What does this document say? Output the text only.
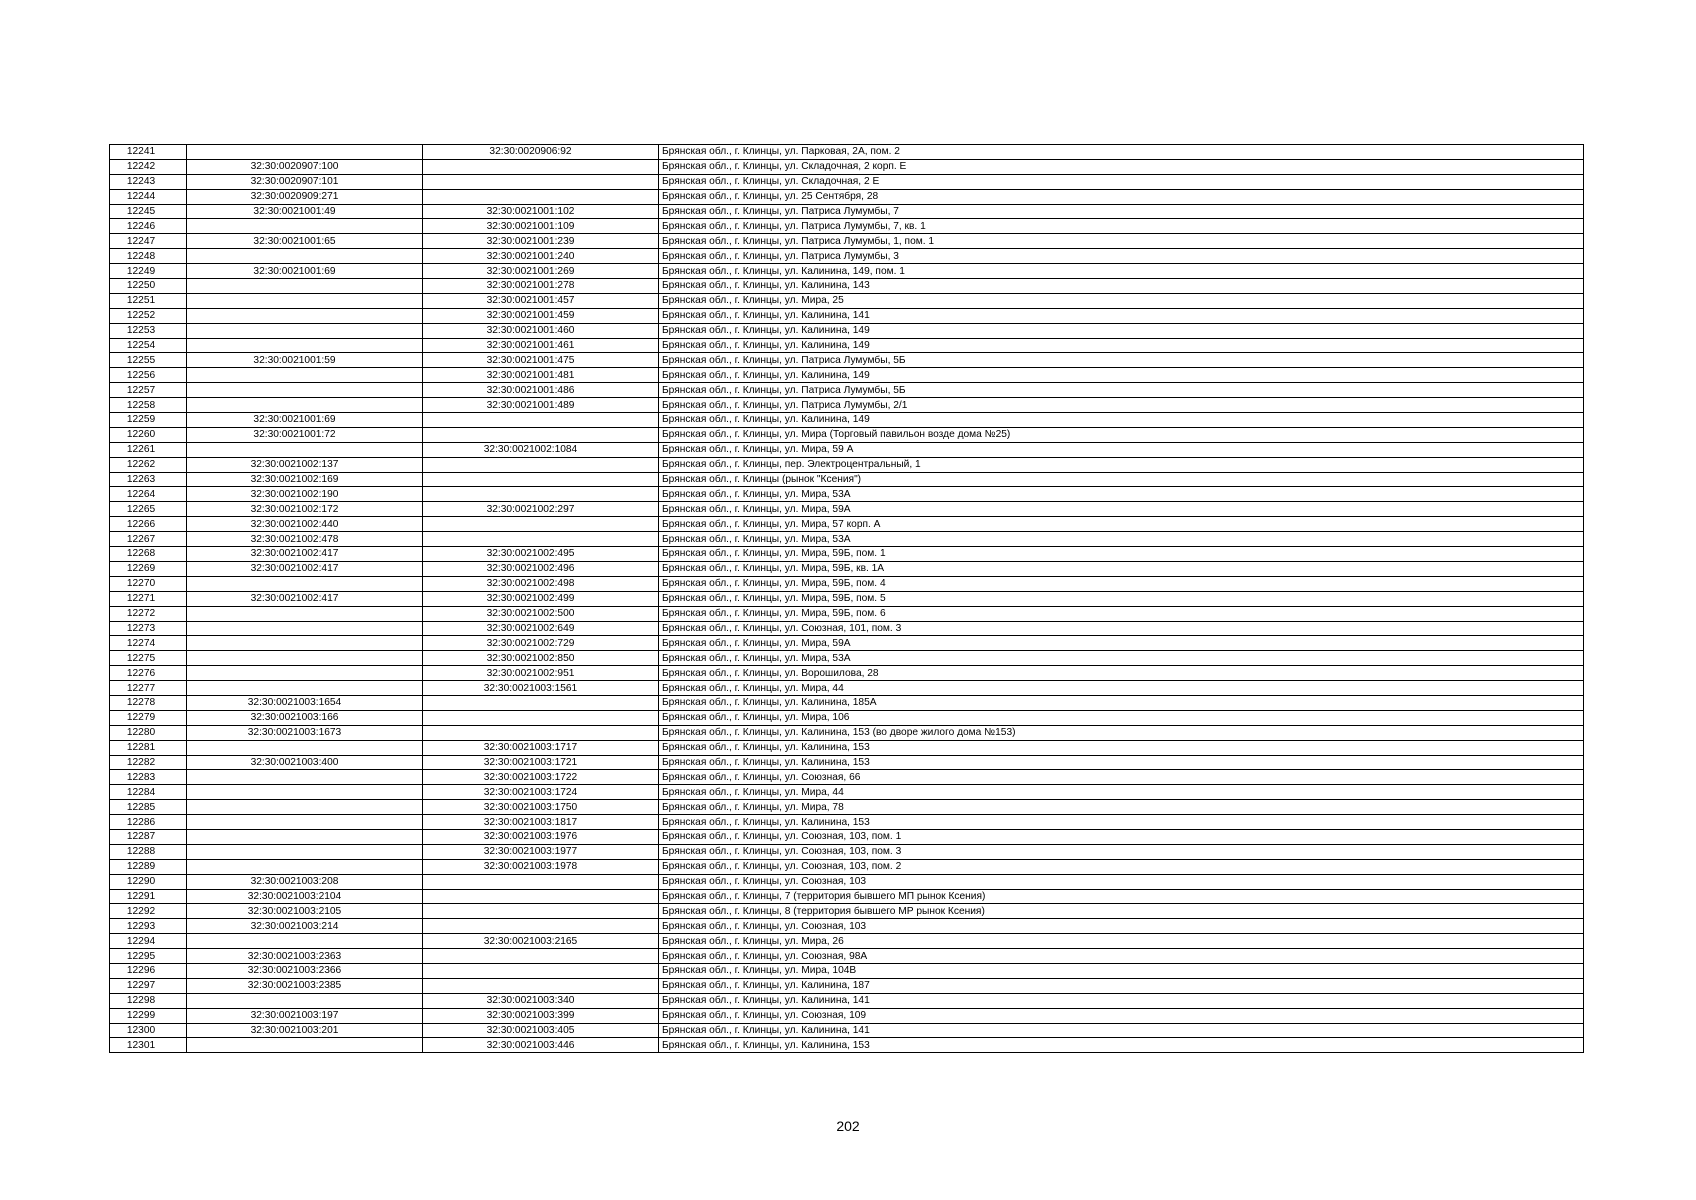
12241		32:30:0020906:92	Брянская обл., г. Клинцы, ул. Парковая, 2А, пом. 2
12242	32:30:0020907:100		Брянская обл., г. Клинцы, ул. Складочная, 2 корп. Е
12243	32:30:0020907:101		Брянская обл., г. Клинцы, ул. Складочная, 2 Е
12244	32:30:0020909:271		Брянская обл., г. Клинцы, ул. 25 Сентября, 28
12245	32:30:0021001:49	32:30:0021001:102	Брянская обл., г. Клинцы, ул. Патриса Лумумбы, 7
12246		32:30:0021001:109	Брянская обл., г. Клинцы, ул. Патриса Лумумбы, 7, кв. 1
12247	32:30:0021001:65	32:30:0021001:239	Брянская обл., г. Клинцы, ул. Патриса Лумумбы, 1, пом. 1
12248		32:30:0021001:240	Брянская обл., г. Клинцы, ул. Патриса Лумумбы, 3
12249	32:30:0021001:69	32:30:0021001:269	Брянская обл., г. Клинцы, ул. Калинина, 149, пом. 1
12250		32:30:0021001:278	Брянская обл., г. Клинцы, ул. Калинина, 143
12251		32:30:0021001:457	Брянская обл., г. Клинцы, ул. Мира, 25
12252		32:30:0021001:459	Брянская обл., г. Клинцы, ул. Калинина, 141
12253		32:30:0021001:460	Брянская обл., г. Клинцы, ул. Калинина, 149
12254		32:30:0021001:461	Брянская обл., г. Клинцы, ул. Калинина, 149
12255	32:30:0021001:59	32:30:0021001:475	Брянская обл., г. Клинцы, ул. Патриса Лумумбы, 5Б
12256		32:30:0021001:481	Брянская обл., г. Клинцы, ул. Калинина, 149
12257		32:30:0021001:486	Брянская обл., г. Клинцы, ул. Патриса Лумумбы, 5Б
12258		32:30:0021001:489	Брянская обл., г. Клинцы, ул. Патриса Лумумбы, 2/1
12259	32:30:0021001:69		Брянская обл., г. Клинцы, ул. Калинина, 149
12260	32:30:0021001:72		Брянская обл., г. Клинцы, ул. Мира (Торговый павильон возде дома №25)
12261		32:30:0021002:1084	Брянская обл., г. Клинцы, ул. Мира, 59 А
12262	32:30:0021002:137		Брянская обл., г. Клинцы, пер. Электроцентральный, 1
12263	32:30:0021002:169		Брянская обл., г. Клинцы (рынок "Ксения")
12264	32:30:0021002:190		Брянская обл., г. Клинцы, ул. Мира, 53А
12265	32:30:0021002:172	32:30:0021002:297	Брянская обл., г. Клинцы, ул. Мира, 59А
12266	32:30:0021002:440		Брянская обл., г. Клинцы, ул. Мира, 57 корп. А
12267	32:30:0021002:478		Брянская обл., г. Клинцы, ул. Мира, 53А
12268	32:30:0021002:417	32:30:0021002:495	Брянская обл., г. Клинцы, ул. Мира, 59Б, пом. 1
12269	32:30:0021002:417	32:30:0021002:496	Брянская обл., г. Клинцы, ул. Мира, 59Б, кв. 1А
12270		32:30:0021002:498	Брянская обл., г. Клинцы, ул. Мира, 59Б, пом. 4
12271	32:30:0021002:417	32:30:0021002:499	Брянская обл., г. Клинцы, ул. Мира, 59Б, пом. 5
12272		32:30:0021002:500	Брянская обл., г. Клинцы, ул. Мира, 59Б, пом. 6
12273		32:30:0021002:649	Брянская обл., г. Клинцы, ул. Союзная, 101, пом. 3
12274		32:30:0021002:729	Брянская обл., г. Клинцы, ул. Мира, 59А
12275		32:30:0021002:850	Брянская обл., г. Клинцы, ул. Мира, 53А
12276		32:30:0021002:951	Брянская обл., г. Клинцы, ул. Ворошилова, 28
12277		32:30:0021003:1561	Брянская обл., г. Клинцы, ул. Мира, 44
12278	32:30:0021003:1654		Брянская обл., г. Клинцы, ул. Калинина, 185А
12279	32:30:0021003:166		Брянская обл., г. Клинцы, ул. Мира, 106
12280	32:30:0021003:1673		Брянская обл., г. Клинцы, ул. Калинина, 153 (во дворе жилого дома №153)
12281		32:30:0021003:1717	Брянская обл., г. Клинцы, ул. Калинина, 153
12282	32:30:0021003:400	32:30:0021003:1721	Брянская обл., г. Клинцы, ул. Калинина, 153
12283		32:30:0021003:1722	Брянская обл., г. Клинцы, ул. Союзная, 66
12284		32:30:0021003:1724	Брянская обл., г. Клинцы, ул. Мира, 44
12285		32:30:0021003:1750	Брянская обл., г. Клинцы, ул. Мира, 78
12286		32:30:0021003:1817	Брянская обл., г. Клинцы, ул. Калинина, 153
12287		32:30:0021003:1976	Брянская обл., г. Клинцы, ул. Союзная, 103, пом. 1
12288		32:30:0021003:1977	Брянская обл., г. Клинцы, ул. Союзная, 103, пом. 3
12289		32:30:0021003:1978	Брянская обл., г. Клинцы, ул. Союзная, 103, пом. 2
12290	32:30:0021003:208		Брянская обл., г. Клинцы, ул. Союзная, 103
12291	32:30:0021003:2104		Брянская обл., г. Клинцы, 7 (территория бывшего МП рынок Ксения)
12292	32:30:0021003:2105		Брянская обл., г. Клинцы, 8 (территория бывшего МР рынок Ксения)
12293	32:30:0021003:214		Брянская обл., г. Клинцы, ул. Союзная, 103
12294		32:30:0021003:2165	Брянская обл., г. Клинцы, ул. Мира, 26
12295	32:30:0021003:2363		Брянская обл., г. Клинцы, ул. Союзная, 98А
12296	32:30:0021003:2366		Брянская обл., г. Клинцы, ул. Мира, 104В
12297	32:30:0021003:2385		Брянская обл., г. Клинцы, ул. Калинина, 187
12298		32:30:0021003:340	Брянская обл., г. Клинцы, ул. Калинина, 141
12299	32:30:0021003:197	32:30:0021003:399	Брянская обл., г. Клинцы, ул. Союзная, 109
12300	32:30:0021003:201	32:30:0021003:405	Брянская обл., г. Клинцы, ул. Калинина, 141
12301		32:30:0021003:446	Брянская обл., г. Клинцы, ул. Калинина, 153
202
